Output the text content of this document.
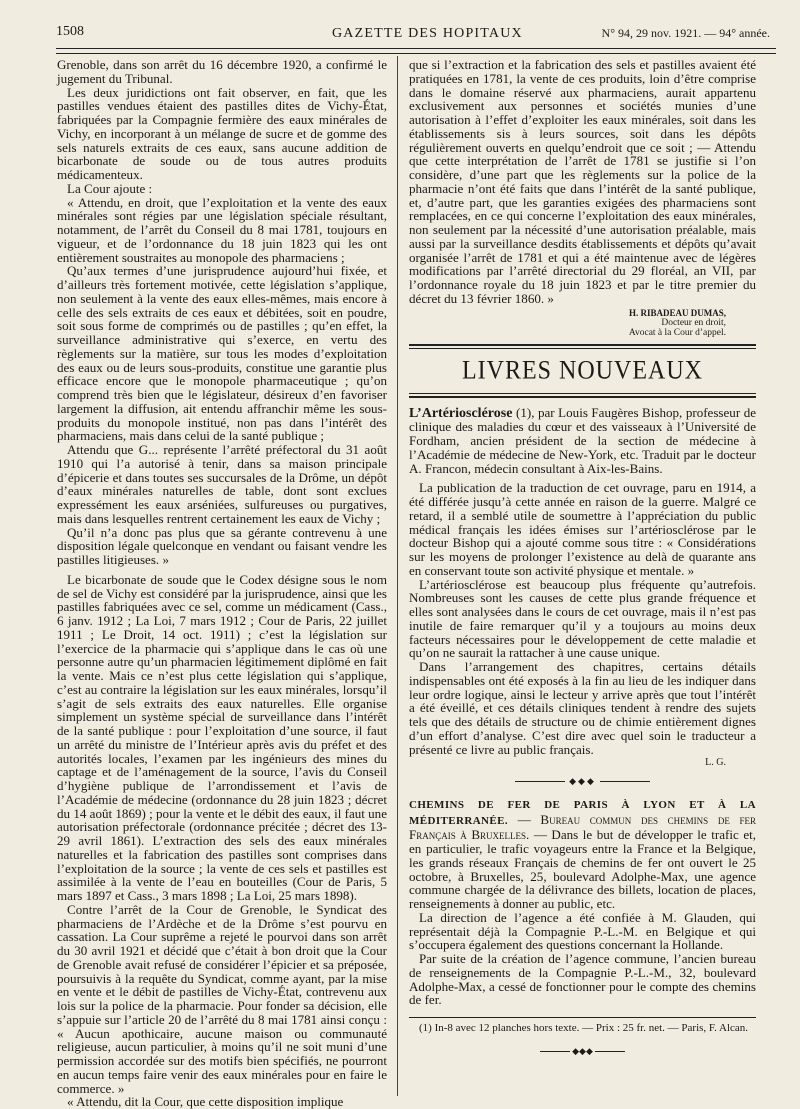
1508	GAZETTE DES HOPITAUX	N° 94, 29 nov. 1921. — 94° année.

Grenoble, dans son arrêt du 16 décembre 1920, a confirmé le jugement du Tribunal.

Les deux juridictions ont fait observer, en fait, que les pastilles vendues étaient des pastilles dites de Vichy-État, fabriquées par la Compagnie fermière des eaux minérales de Vichy, en incorporant à un mélange de sucre et de gomme des sels naturels extraits de ces eaux, sans aucune addition de bicarbonate de soude ou de tous autres produits médicamenteux.

La Cour ajoute :

« Attendu, en droit, que l’exploitation et la vente des eaux minérales sont régies par une législation spéciale résultant, notamment, de l’arrêt du Conseil du 8 mai 1781, toujours en vigueur, et de l’ordonnance du 18 juin 1823 qui les ont entièrement soustraites au monopole des pharmaciens ;

Qu’aux termes d’une jurisprudence aujourd’hui fixée, et d’ailleurs très fortement motivée, cette législation s’applique, non seulement à la vente des eaux elles-mêmes, mais encore à celle des sels extraits de ces eaux et débitées, soit en poudre, soit sous forme de comprimés ou de pastilles ; qu’en effet, la surveillance administrative qui s’exerce, en vertu des règlements sur la matière, sur tous les modes d’exploitation des eaux ou de leurs sous-produits, constitue une garantie plus efficace encore que le monopole pharmaceutique ; qu’on comprend très bien que le législateur, désireux d’en favoriser largement la diffusion, ait entendu affranchir même les sous-produits du monopole institué, non pas dans l’intérêt des pharmaciens, mais dans celui de la santé publique ;

Attendu que G... représente l’arrêté préfectoral du 31 août 1910 qui l’a autorisé à tenir, dans sa maison principale d’épicerie et dans toutes ses succursales de la Drôme, un dépôt d’eaux minérales naturelles de table, dont sont exclues expressément les eaux arséniées, sulfureuses ou purgatives, mais dans lesquelles rentrent certainement les eaux de Vichy ;

Qu’il n’a donc pas plus que sa gérante contrevenu à une disposition légale quelconque en vendant ou faisant vendre les pastilles litigieuses. »

Le bicarbonate de soude que le Codex désigne sous le nom de sel de Vichy est considéré par la jurisprudence, ainsi que les pastilles fabriquées avec ce sel, comme un médicament (Cass., 6 janv. 1912 ; La Loi, 7 mars 1912 ; Cour de Paris, 22 juillet 1911 ; Le Droit, 14 oct. 1911) ; c’est la législation sur l’exercice de la pharmacie qui s’applique dans le cas où une personne autre qu’un pharmacien légitimement diplômé en fait la vente. Mais ce n’est plus cette législation qui s’applique, c’est au contraire la législation sur les eaux minérales, lorsqu’il s’agit de sels extraits des eaux naturelles. Elle organise simplement un système spécial de surveillance dans l’intérêt de la santé publique : pour l’exploitation d’une source, il faut un arrêté du ministre de l’Intérieur après avis du préfet et des autorités locales, l’examen par les ingénieurs des mines du captage et de l’aménagement de la source, l’avis du Conseil d’hygiène publique de l’arrondissement et l’avis de l’Académie de médecine (ordonnance du 28 juin 1823 ; décret du 14 août 1869) ; pour la vente et le débit des eaux, il faut une autorisation préfectorale (ordonnance précitée ; décret des 13-29 avril 1861). L’extraction des sels des eaux minérales naturelles et la fabrication des pastilles sont comprises dans l’exploitation de la source ; la vente de ces sels et pastilles est assimilée à la vente de l’eau en bouteilles (Cour de Paris, 5 mars 1897 et Cass., 3 mars 1898 ; La Loi, 25 mars 1898).

Contre l’arrêt de la Cour de Grenoble, le Syndicat des pharmaciens de l’Ardèche et de la Drôme s’est pourvu en cassation. La Cour suprême a rejeté le pourvoi dans son arrêt du 30 avril 1921 et décidé que c’était à bon droit que la Cour de Grenoble avait refusé de considérer l’épicier et sa préposée, poursuivis à la requête du Syndicat, comme ayant, par la mise en vente et le débit de pastilles de Vichy-État, contrevenu aux lois sur la police de la pharmacie. Pour fonder sa décision, elle s’appuie sur l’article 20 de l’arrêté du 8 mai 1781 ainsi conçu : « Aucun apothicaire, aucune maison ou communauté religieuse, aucun particulier, à moins qu’il ne soit muni d’une permission accordée sur des motifs bien spécifiés, ne pourront en aucun temps faire venir des eaux minérales pour en faire le commerce. »

« Attendu, dit la Cour, que cette disposition implique

que si l’extraction et la fabrication des sels et pastilles avaient été pratiquées en 1781, la vente de ces produits, loin d’être comprise dans le domaine réservé aux pharmaciens, aurait appartenu exclusivement aux personnes et sociétés munies d’une autorisation à l’effet d’exploiter les eaux minérales, soit dans les établissements sis à leurs sources, soit dans les dépôts régulièrement ouverts en quelqu’endroit que ce soit ; — Attendu que cette interprétation de l’arrêt de 1781 se justifie si l’on considère, d’une part que les règlements sur la police de la pharmacie n’ont été faits que dans l’intérêt de la santé publique, et, d’autre part, que les garanties exigées des pharmaciens sont remplacées, en ce qui concerne l’exploitation des eaux minérales, non seulement par la nécessité d’une autorisation préalable, mais aussi par la surveillance desdits établissements et dépôts qu’avait organisée l’arrêt de 1781 et qui a été maintenue avec de légères modifications par l’arrêté directorial du 29 floréal, an VII, par l’ordonnance royale du 18 juin 1823 et par le titre premier du décret du 13 février 1860. »

H. RIBADEAU DUMAS,
Docteur en droit,
Avocat à la Cour d’appel.
LIVRES NOUVEAUX

L’Artériosclérose (1), par Louis Faugères Bishop, professeur de clinique des maladies du cœur et des vaisseaux à l’Université de Fordham, ancien président de la section de médecine à l’Académie de médecine de New-York, etc. Traduit par le docteur A. Francon, médecin consultant à Aix-les-Bains.

La publication de la traduction de cet ouvrage, paru en 1914, a été différée jusqu’à cette année en raison de la guerre. Malgré ce retard, il a semblé utile de soumettre à l’appréciation du public médical français les idées émises sur l’artériosclérose par le docteur Bishop qui a ajouté comme sous titre : « Considérations sur les moyens de prolonger l’existence au delà de quarante ans en conservant toute son activité physique et mentale. »

L’artériosclérose est beaucoup plus fréquente qu’autrefois. Nombreuses sont les causes de cette plus grande fréquence et elles sont analysées dans le cours de cet ouvrage, mais il n’est pas inutile de faire remarquer qu’il y a toujours au moins deux facteurs nécessaires pour le développement de cette maladie et qu’on ne saurait la rattacher à une cause unique.

Dans l’arrangement des chapitres, certains détails indispensables ont été exposés à la fin au lieu de les indiquer dans leur ordre logique, ainsi le lecteur y arrive après que tout l’intérêt a été éveillé, et ces détails cliniques tendent à rendre des sujets tels que des détails de structure ou de chimie entièrement dignes d’un effort d’analyse. C’est dire avec quel soin le traducteur a présenté ce livre au public français.

L. G.
◆◆◆

CHEMINS DE FER DE PARIS À LYON ET À LA MÉDITERRANÉE. — Bureau commun des chemins de fer Français à Bruxelles. — Dans le but de développer le trafic et, en particulier, le trafic voyageurs entre la France et la Belgique, les grands réseaux Français de chemins de fer ont ouvert le 25 octobre, à Bruxelles, 25, boulevard Adolphe-Max, une agence commune chargée de la délivrance des billets, location de places, renseignements à donner au public, etc.

La direction de l’agence a été confiée à M. Glauden, qui représentait déjà la Compagnie P.-L.-M. en Belgique et qui s’occupera également des questions concernant la Hollande.

Par suite de la création de l’agence commune, l’ancien bureau de renseignements de la Compagnie P.-L.-M., 32, boulevard Adolphe-Max, a cessé de fonctionner pour le compte des chemins de fer.

(1) In-8 avec 12 planches hors texte. — Prix : 25 fr. net. — Paris, F. Alcan.

◆◆◆
